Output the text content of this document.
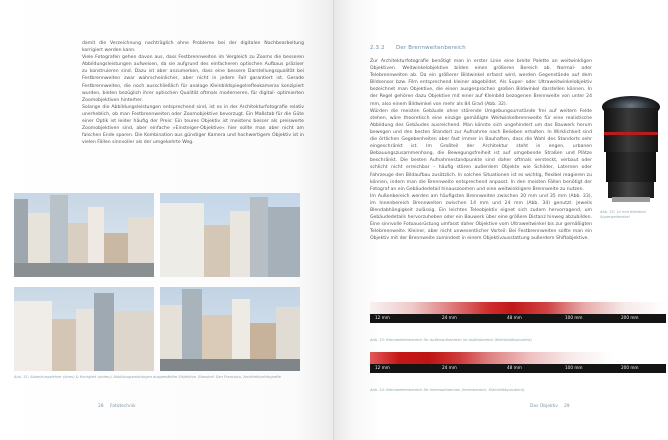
damit die Verzeichnung nachträglich ohne Probleme bei der digitalen Nachbearbeitung korrigiert werden kann.

Viele Fotografen gehen davon aus, dass Festbrennweiten im Vergleich zu Zooms die besseren Abbildungsleistungen aufweisen, da sie aufgrund des einfacheren optischen Aufbaus präziser zu konstruieren sind. Dazu ist aber anzumerken, dass eine bessere Darstellungsqualität bei Festbrennweiten zwar wahrscheinlicher, aber nicht in jedem Fall garantiert ist. Gerade Festbrennweiten, die noch ausschließlich für analoge Kleinbildspiegelreflexkameras konzipiert wurden, bieten bezüglich ihrer optischen Qualität oftmals moderneren, für digital- optimierten Zoomobjektiven hinterher.

Solange die Abbildungsleistungen entsprechend sind, ist es in der Architekturfotografie relativ unerheblich, ob man Festbrennweiten oder Zoomobjektive bevorzugt. Ein Maßstab für die Güte einer Optik ist leider häufig der Preis: Ein teures Objektiv ist meistens besser als preiswerte Zoomobjektiven sind, aber einfache »Einsteiger-Objektive« hier sollte man aber nicht am falschen Ende sparen. Die Kombination aus günstiger Kamera und hochwertigem Objektiv ist in vielen Fällen sinnvoller als der umgekehrte Weg.

Abb. 31: Ablenkungsfehler (oben) & Korrigiert (unten); Abbildungsleistungen ausgewählter Objektive. Standort: San Francisco, Architekturfotografie
28 Fototechnik
2.3.2 Der Brennweitenbereich

Zur Architekturfotografie benötigt man in erster Linie eine breite Palette an weitwinkligen Objektiven. Weitwinkelobjektive bilden einen größeren Bereich ab. Normal- oder Telebrennweiten ab. Da ein größerer Bildwinkel erfasst wird, werden Gegenstände auf dem Bildsensor bzw. Film entsprechend kleiner abgebildet. Als Super- oder Ultraweitwinkelobjektiv bezeichnet man Objektive, die einen ausgesprochen großen Bildwinkel darstellen können. In der Regel gehören dazu Objektive mit einer auf Kleinbild bezogenen Brennweite von unter 24 mm, also einem Bildwinkel von mehr als 84 Grad (Abb. 32).

Würden die meisten Gebäude ohne störende Umgebungsumstände frei auf weitem Felde stehen, wäre theoretisch eine einzige gemäßigte Weitwinkelbrennweite für eine realistische Abbildung des Gebäudes ausreichend. Man könnte sich ungehindert um das Bauwerk herum bewegen und den besten Standort zur Aufnahme nach Belieben erhalten. In Wirklichkeit sind die örtlichen Gegebenheiten aber fast immer in Bauhaften, dass die Wahl des Standorts sehr eingeschränkt ist. Im Großteil der Architektur steht in engen, urbanen Bebauungszusammenhang, die Bewegungsfreiheit ist auf umgebende Straßen und Plätze beschränkt. Die besten Aufnahmestandpunkte sind daher oftmals versteckt, verbaut oder schlicht nicht erreichbar – häufig stören außerdem Objekte wie Schilder, Laternen oder Fahrzeuge den Bildaufbau zusätzlich. In solchen Situationen ist es wichtig, flexibel reagieren zu können, indem man die Brennweite entsprechend anpasst. In den meisten Fällen benötigt der Fotograf an ein Gebäudedetail hinauszoomen und eine weitwinkligere Brennweite zu nutzen.

Im Außenbereich werden am häufigsten Brennweiten zwischen 20 mm und 35 mm (Abb. 33), im Innenbereich Brennweiten zwischen 14 mm und 24 mm (Abb. 34) genutzt. Jeweils Blendabhängigkeit zulässig. Ein leichtes Teleobjektiv eignet sich zudem hervorragend, um Gebäudedetails hervorzuheben oder ein Bauwerk über eine größere Distanz hinweg abzubilden. Eine sinnvolle Fotoausrüstung umfasst daher Objektive vom Ultraweitwinkel bis zur gemäßigten Telebrennweite. Kleiner, aber nicht unwesentlicher Vorteil: Bei Festbrennweiten sollte man ein Objektiv mit der Brennweite zumindest in einem Objektivausstattung außerdem Shiftobjektive.

Abb. 32: 14 mm Kleinbild-Superweitwinkel
12 mm	24 mm	48 mm	100 mm	200 mm
Abb. 33: Brennweitenbereich für Außenaufnahmen im Außenbereich (Kleinbildäquivalent)
12 mm	24 mm	48 mm	100 mm	200 mm
Abb. 34: Brennweitenbereich für Innenaufnahmen (Innenbereich, Kleinbildäquivalent)
Das Objektiv 29
